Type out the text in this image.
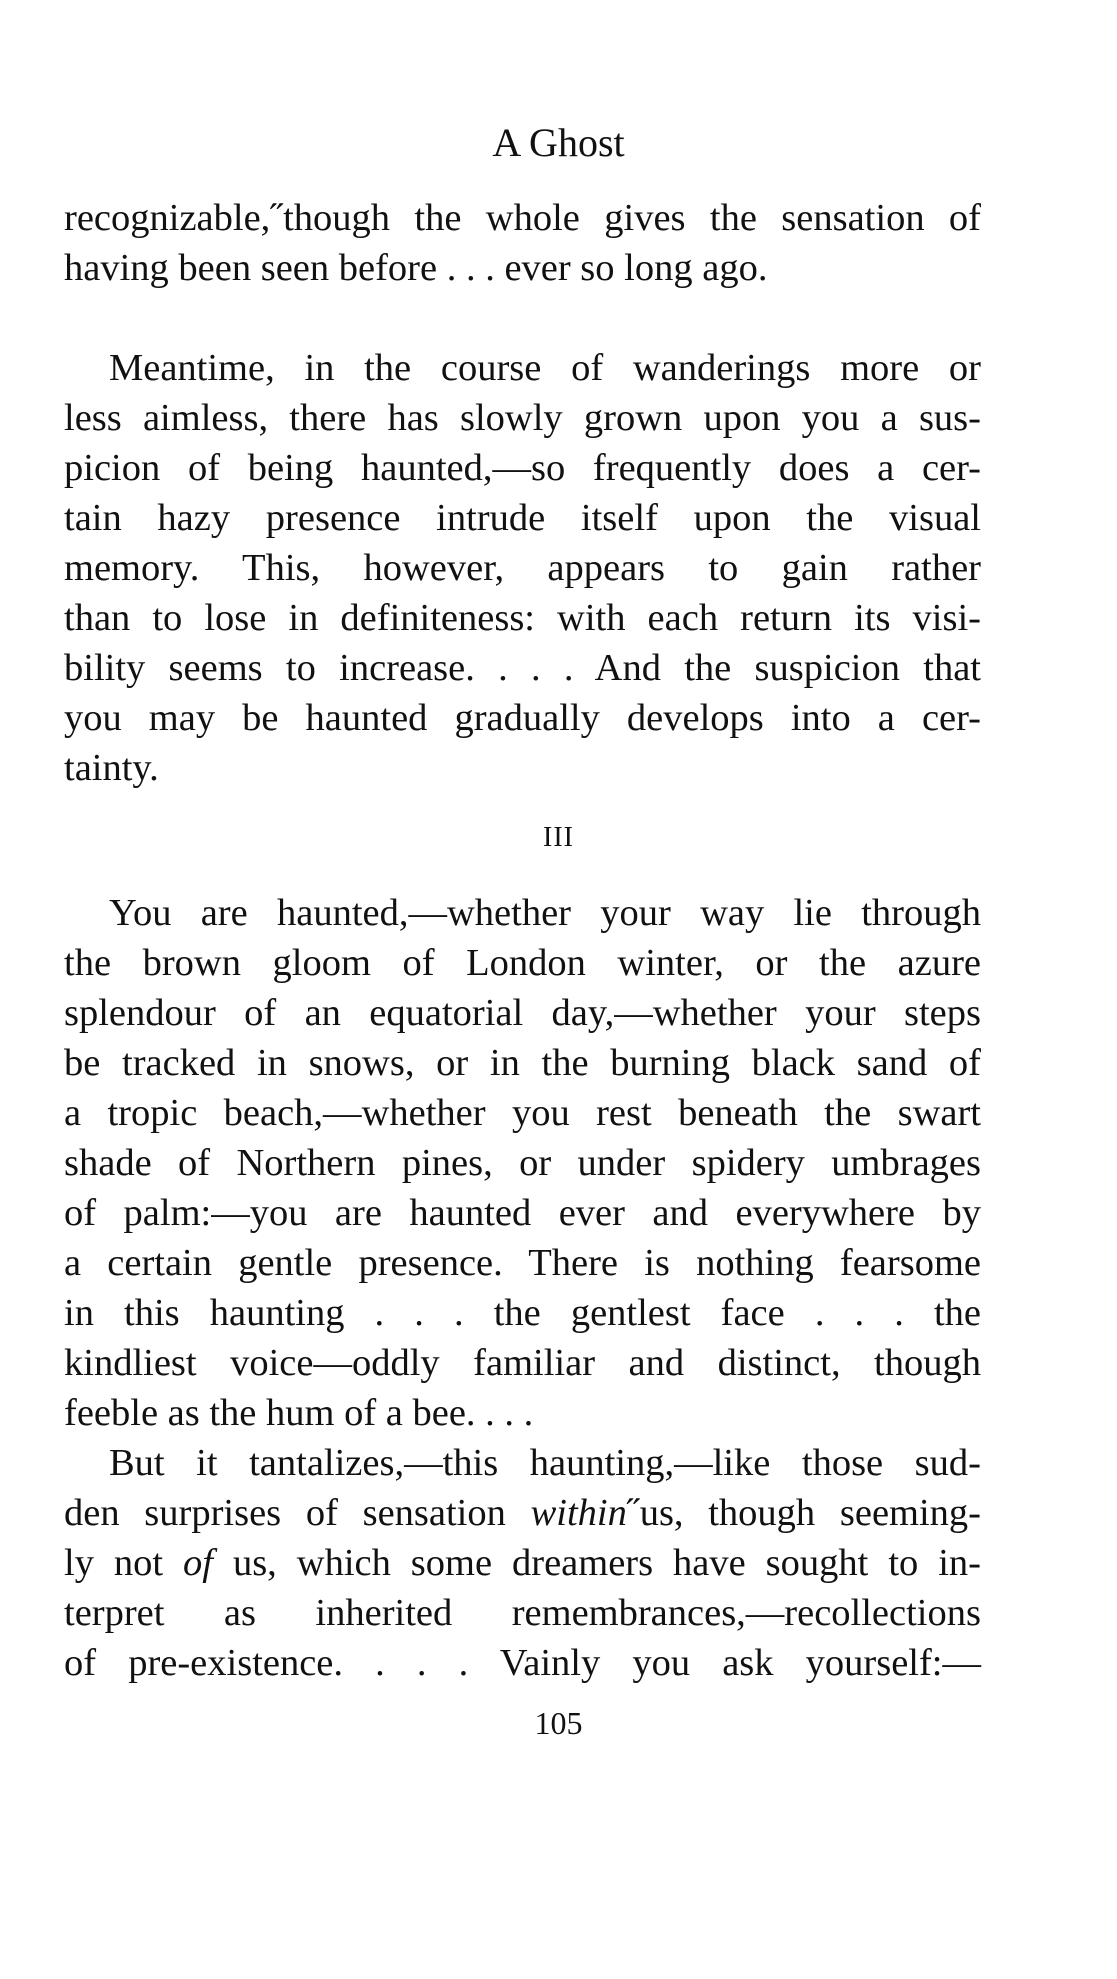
A Ghost
recognizable,˝though the whole gives the sensation of
having been seen before . . . ever so long ago.
Meantime, in the course of wanderings more or
less aimless, there has slowly grown upon you a sus-
picion of being haunted,—so frequently does a cer-
tain hazy presence intrude itself upon the visual
memory. This, however, appears to gain rather
than to lose in definiteness: with each return its visi-
bility seems to increase. . . . And the suspicion that
you may be haunted gradually develops into a cer-
tainty.
III
You are haunted,—whether your way lie through
the brown gloom of London winter, or the azure
splendour of an equatorial day,—whether your steps
be tracked in snows, or in the burning black sand of
a tropic beach,—whether you rest beneath the swart
shade of Northern pines, or under spidery umbrages
of palm:—you are haunted ever and everywhere by
a certain gentle presence. There is nothing fearsome
in this haunting . . . the gentlest face . . . the
kindliest voice—oddly familiar and distinct, though
feeble as the hum of a bee. . . .
But it tantalizes,—this haunting,—like those sud-
den surprises of sensation within˝us, though seeming-
ly not of us, which some dreamers have sought to in-
terpret as inherited remembrances,—recollections
of pre-existence. . . . Vainly you ask yourself:—
105
